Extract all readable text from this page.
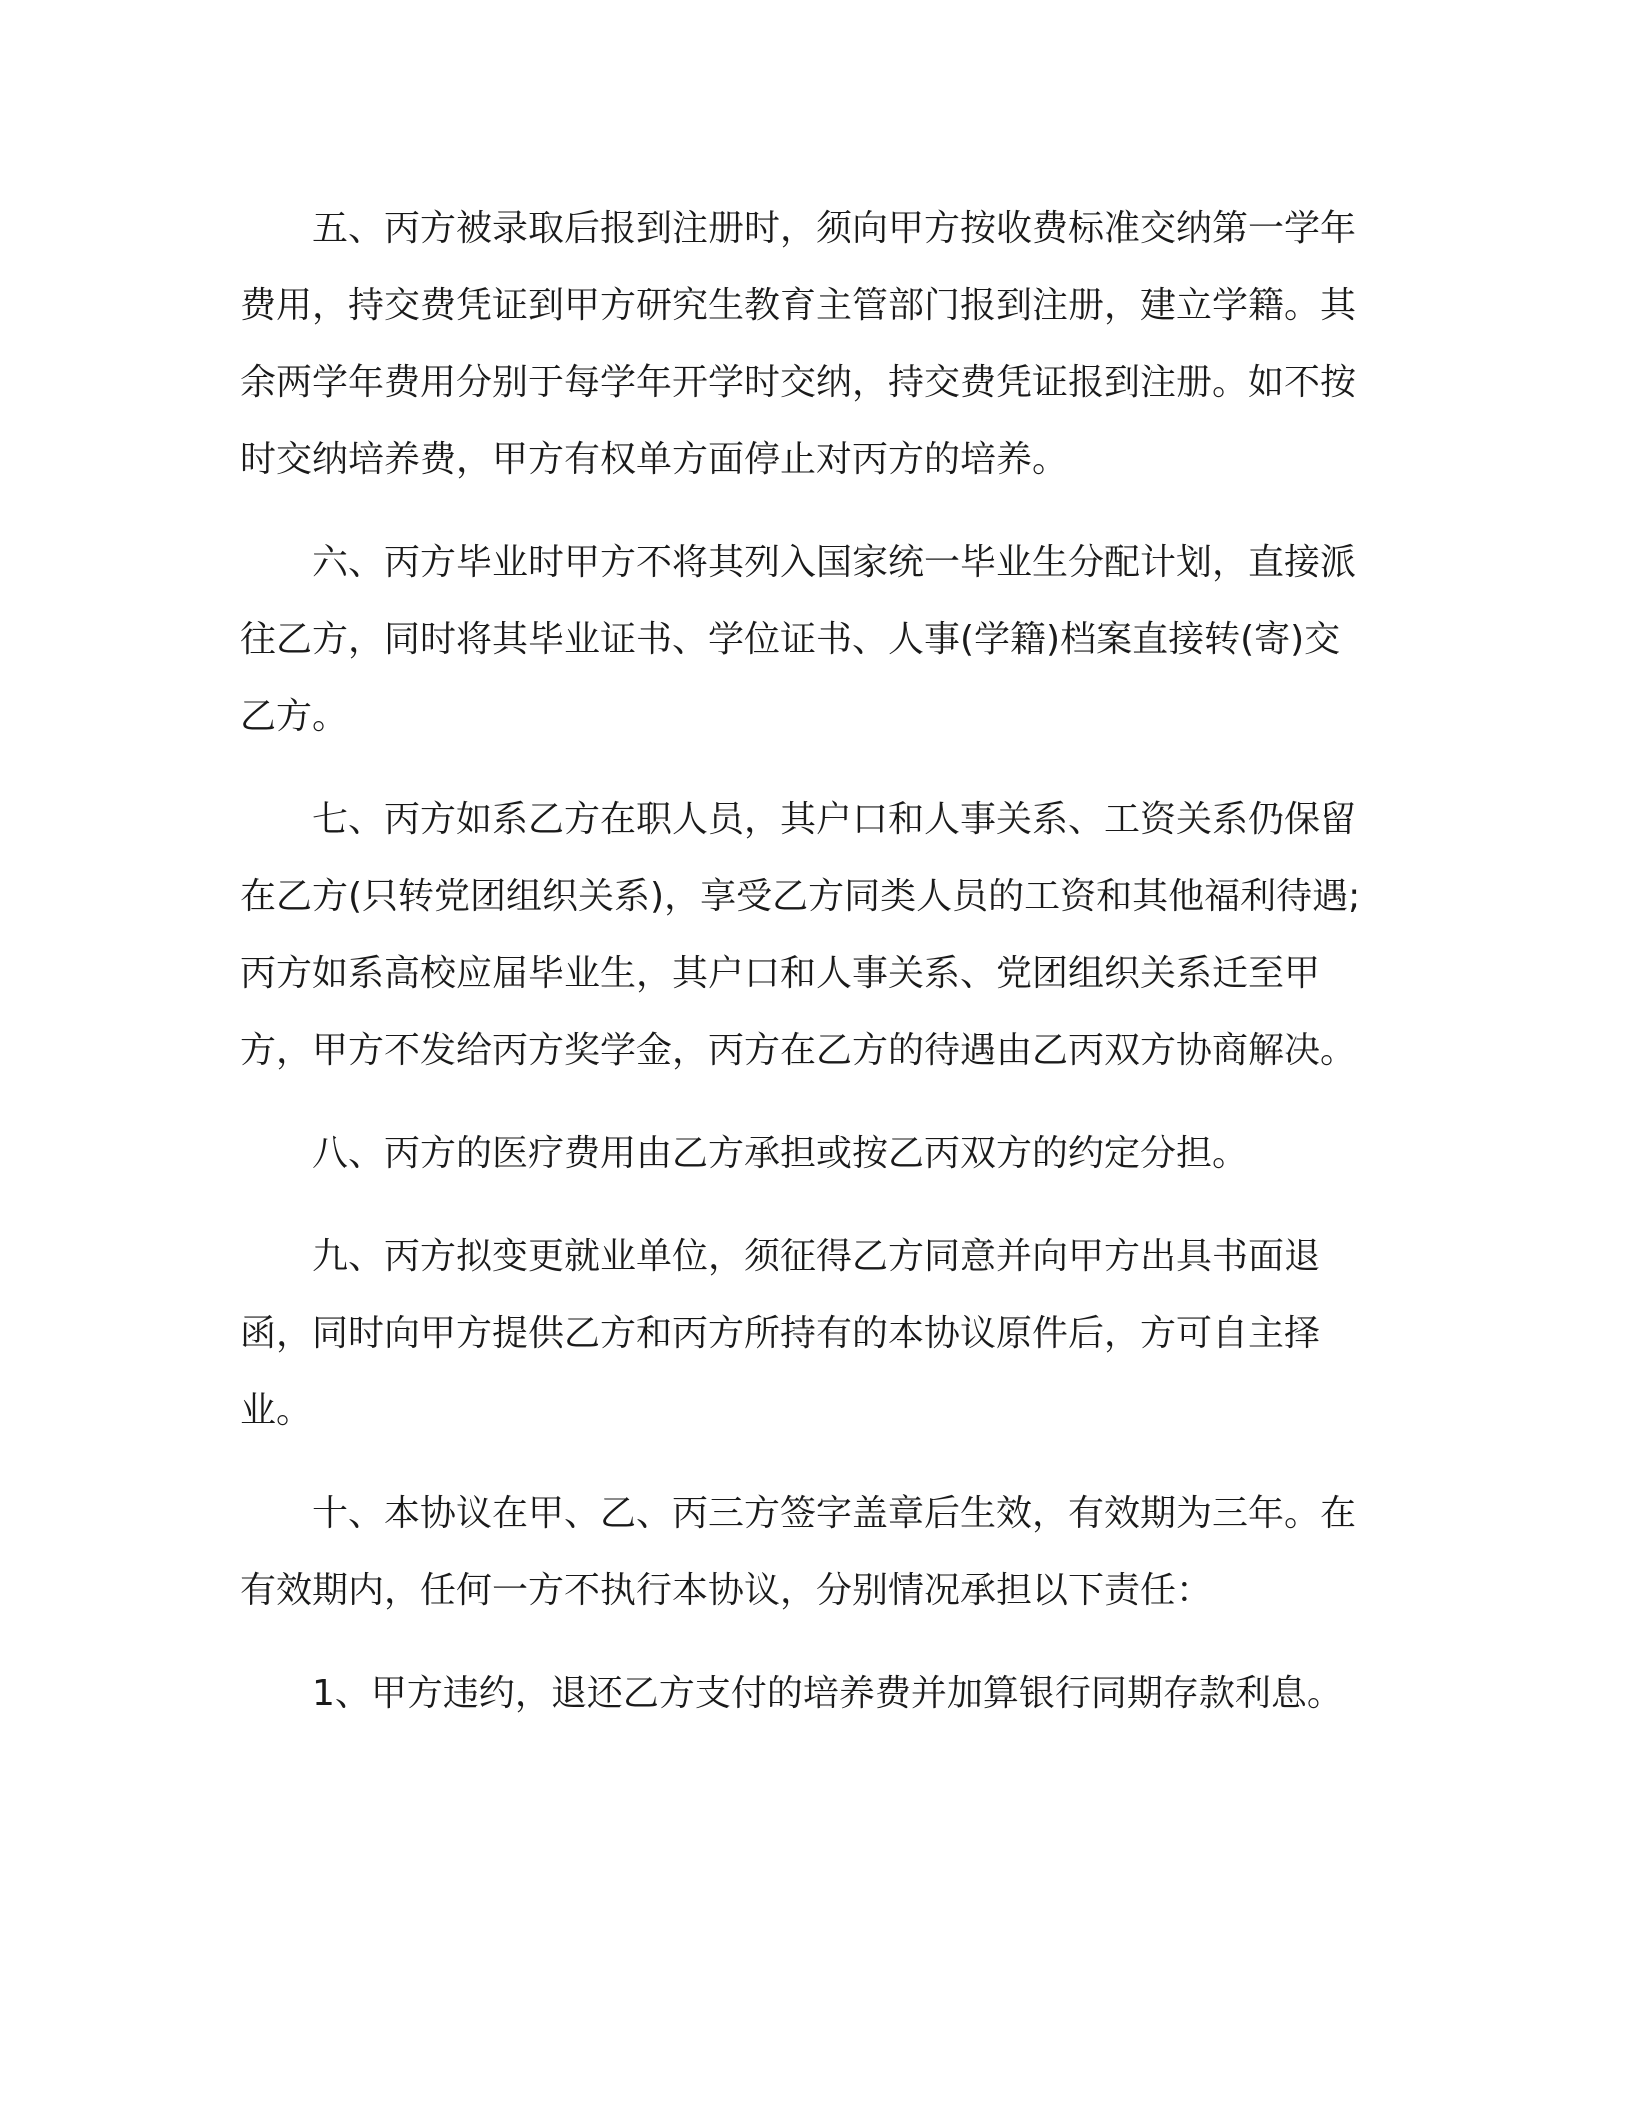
五、丙方被录取后报到注册时，须向甲方按收费标准交纳第一学年费用，持交费凭证到甲方研究生教育主管部门报到注册，建立学籍。其余两学年费用分别于每学年开学时交纳，持交费凭证报到注册。如不按时交纳培养费，甲方有权单方面停止对丙方的培养。

六、丙方毕业时甲方不将其列入国家统一毕业生分配计划，直接派往乙方，同时将其毕业证书、学位证书、人事(学籍)档案直接转(寄)交乙方。

七、丙方如系乙方在职人员，其户口和人事关系、工资关系仍保留在乙方(只转党团组织关系)，享受乙方同类人员的工资和其他福利待遇;丙方如系高校应届毕业生，其户口和人事关系、党团组织关系迁至甲方，甲方不发给丙方奖学金，丙方在乙方的待遇由乙丙双方协商解决。

八、丙方的医疗费用由乙方承担或按乙丙双方的约定分担。

九、丙方拟变更就业单位，须征得乙方同意并向甲方出具书面退函，同时向甲方提供乙方和丙方所持有的本协议原件后，方可自主择业。

十、本协议在甲、乙、丙三方签字盖章后生效，有效期为三年。在有效期内，任何一方不执行本协议，分别情况承担以下责任：

1、甲方违约，退还乙方支付的培养费并加算银行同期存款利息。
